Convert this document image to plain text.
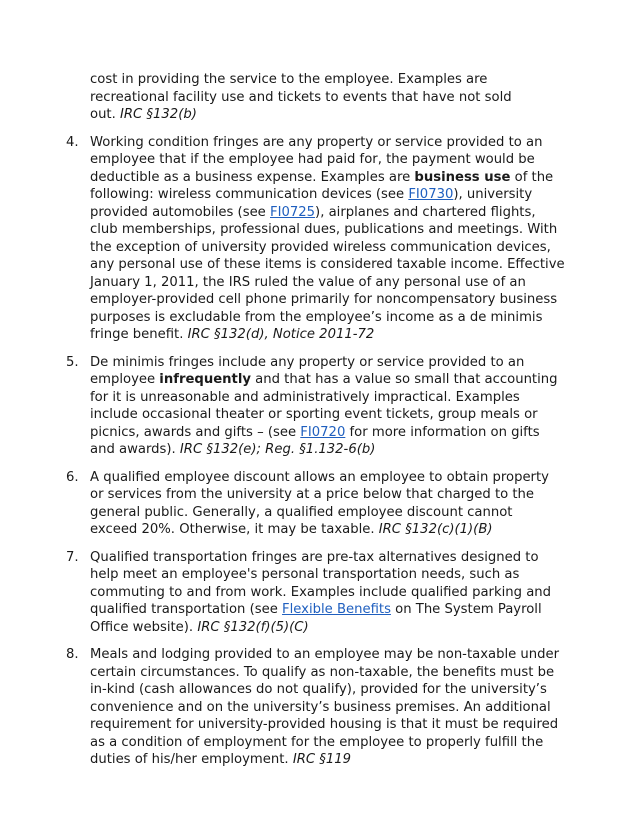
cost in providing the service to the employee. Examples are
recreational facility use and tickets to events that have not sold
out. IRC §132(b)
4. Working condition fringes are any property or service provided to an
employee that if the employee had paid for, the payment would be
deductible as a business expense. Examples are business use of the
following: wireless communication devices (see FI0730), university
provided automobiles (see FI0725), airplanes and chartered flights,
club memberships, professional dues, publications and meetings. With
the exception of university provided wireless communication devices,
any personal use of these items is considered taxable income. Effective
January 1, 2011, the IRS ruled the value of any personal use of an
employer-provided cell phone primarily for noncompensatory business
purposes is excludable from the employee’s income as a de minimis
fringe benefit. IRC §132(d), Notice 2011-72
5. De minimis fringes include any property or service provided to an
employee infrequently and that has a value so small that accounting
for it is unreasonable and administratively impractical. Examples
include occasional theater or sporting event tickets, group meals or
picnics, awards and gifts – (see FI0720 for more information on gifts
and awards). IRC §132(e); Reg. §1.132-6(b)
6. A qualified employee discount allows an employee to obtain property
or services from the university at a price below that charged to the
general public. Generally, a qualified employee discount cannot
exceed 20%. Otherwise, it may be taxable. IRC §132(c)(1)(B)
7. Qualified transportation fringes are pre-tax alternatives designed to
help meet an employee's personal transportation needs, such as
commuting to and from work. Examples include qualified parking and
qualified transportation (see Flexible Benefits on The System Payroll
Office website). IRC §132(f)(5)(C)
8. Meals and lodging provided to an employee may be non-taxable under
certain circumstances. To qualify as non-taxable, the benefits must be
in-kind (cash allowances do not qualify), provided for the university’s
convenience and on the university’s business premises. An additional
requirement for university-provided housing is that it must be required
as a condition of employment for the employee to properly fulfill the
duties of his/her employment. IRC §119
